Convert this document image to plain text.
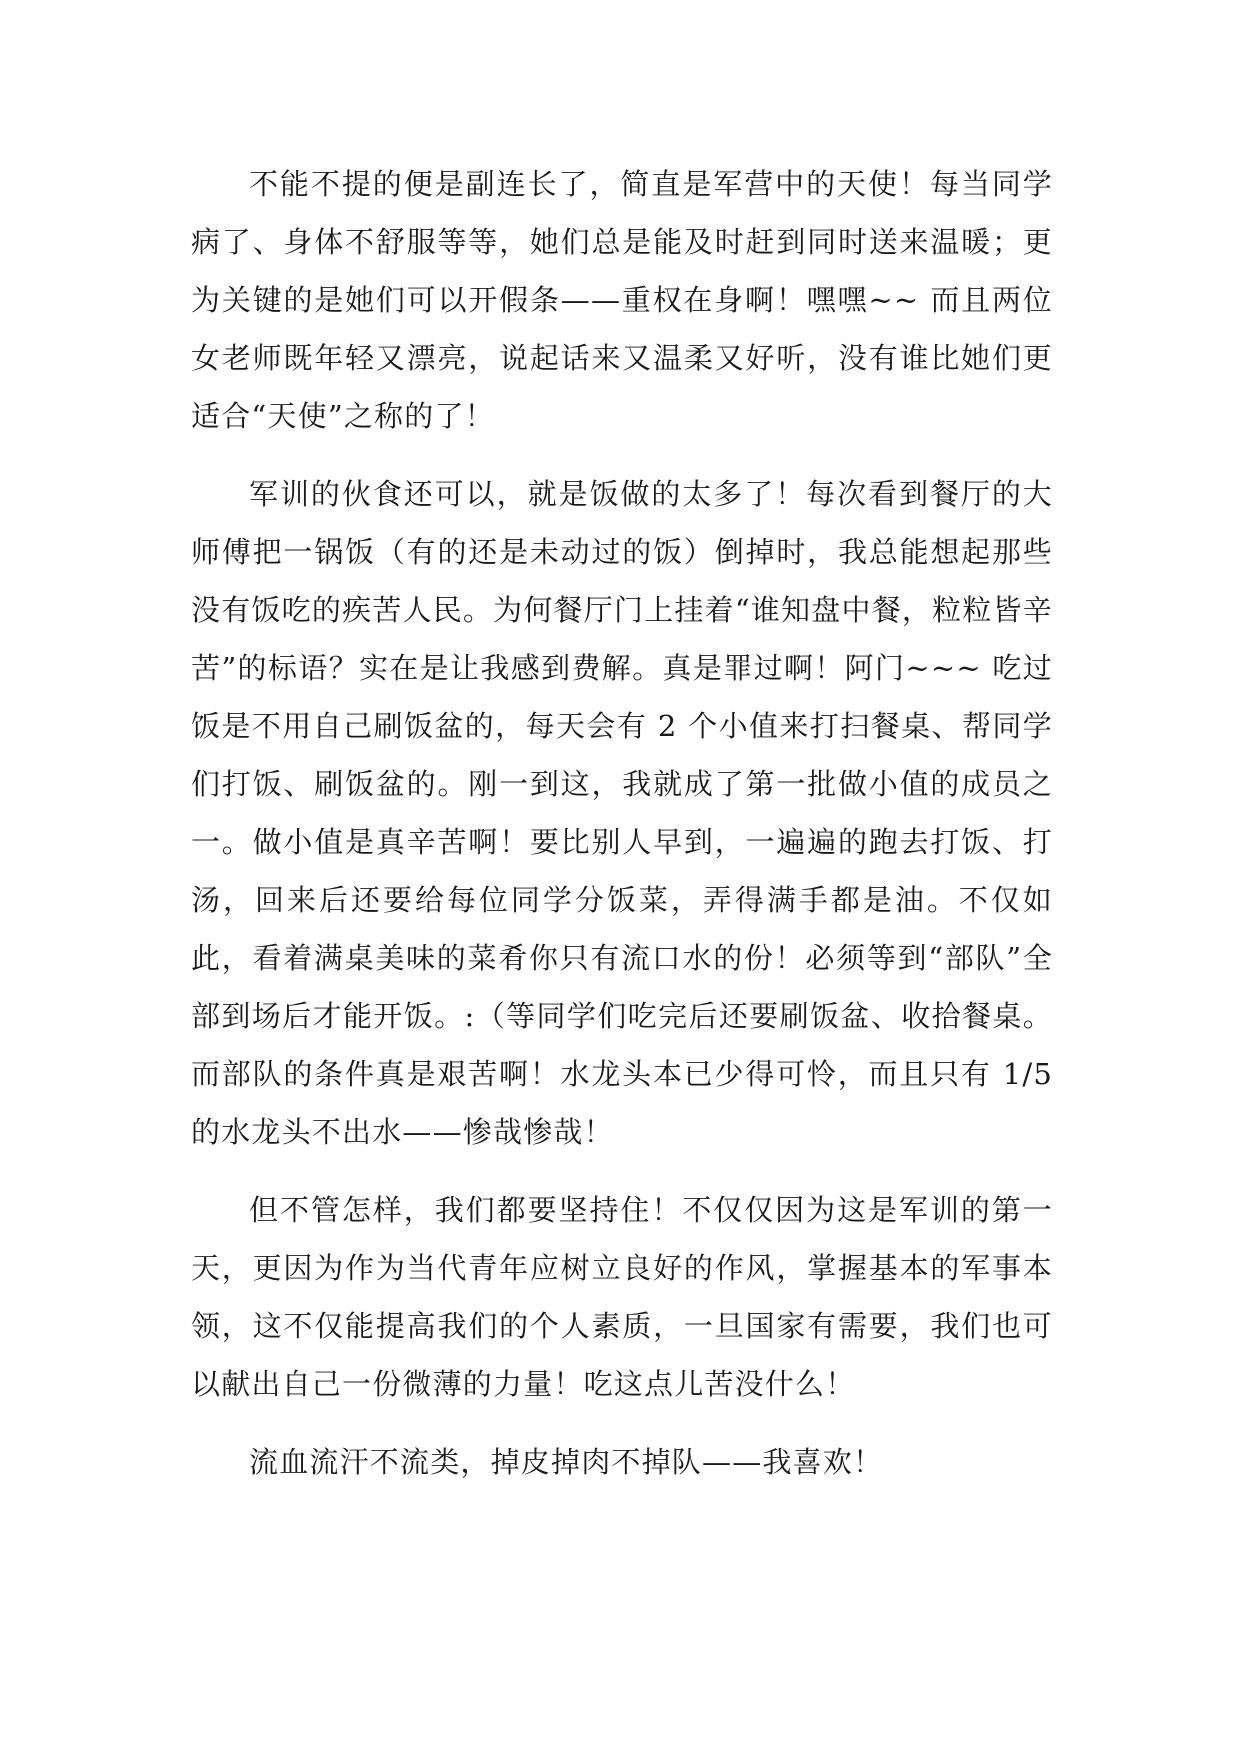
不能不提的便是副连长了，简直是军营中的天使！每当同学病了、身体不舒服等等，她们总是能及时赶到同时送来温暖；更为关键的是她们可以开假条——重权在身啊！嘿嘿~~ 而且两位女老师既年轻又漂亮，说起话来又温柔又好听，没有谁比她们更适合“天使”之称的了！

军训的伙食还可以，就是饭做的太多了！每次看到餐厅的大师傅把一锅饭（有的还是未动过的饭）倒掉时，我总能想起那些没有饭吃的疾苦人民。为何餐厅门上挂着“谁知盘中餐，粒粒皆辛苦”的标语？实在是让我感到费解。真是罪过啊！阿门~~~ 吃过饭是不用自己刷饭盆的，每天会有 2 个小值来打扫餐桌、帮同学们打饭、刷饭盆的。刚一到这，我就成了第一批做小值的成员之一。做小值是真辛苦啊！要比别人早到，一遍遍的跑去打饭、打汤，回来后还要给每位同学分饭菜，弄得满手都是油。不仅如此，看着满桌美味的菜肴你只有流口水的份！必须等到“部队”全部到场后才能开饭。:（等同学们吃完后还要刷饭盆、收拾餐桌。而部队的条件真是艰苦啊！水龙头本已少得可怜，而且只有 1/5 的水龙头不出水——惨哉惨哉！

但不管怎样，我们都要坚持住！不仅仅因为这是军训的第一天，更因为作为当代青年应树立良好的作风，掌握基本的军事本领，这不仅能提高我们的个人素质，一旦国家有需要，我们也可以献出自己一份微薄的力量！吃这点儿苦没什么！

流血流汗不流类，掉皮掉肉不掉队——我喜欢！
